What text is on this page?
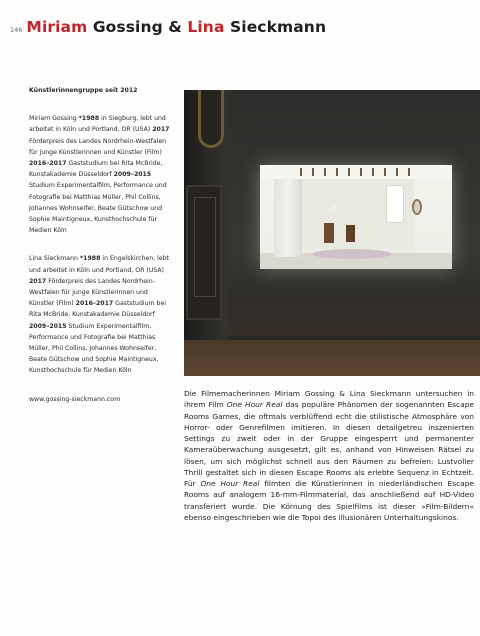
146 Miriam Gossing & Lina Sieckmann

Künstlerinnengruppe seit 2012

Miriam Gossing *1988 in Siegburg, lebt und arbeitet in Köln und Portland, OR (USA) 2017 Förderpreis des Landes Nordrhein-Westfalen für junge Künstlerinnen und Künstler (Film) 2016–2017 Gaststudium bei Rita McBride, Kunstakademie Düsseldorf 2009–2015 Studium Experimentalfilm, Performance und Fotografie bei Matthias Müller, Phil Collins, Johannes Wohnseifer, Beate Gütschow und Sophie Maintigneux, Kunsthochschule für Medien Köln

Lina Sieckmann *1988 in Engelskirchen, lebt und arbeitet in Köln und Portland, OR (USA) 2017 Förderpreis des Landes Nordrhein-Westfalen für junge Künstlerinnen und Künstler (Film) 2016–2017 Gaststudium bei Rita McBride, Kunstakademie Düsseldorf 2009–2015 Studium Experimentalfilm, Performance und Fotografie bei Matthias Müller, Phil Collins, Johannes Wohnseifer, Beate Gütschow und Sophie Maintigneux, Kunsthochschule für Medien Köln

www.gossing-sieckmann.com

Die Filmemacherinnen Miriam Gossing & Lina Sieckmann untersuchen in ihrem Film One Hour Real das populäre Phänomen der sogenannten Escape Rooms Games, die oftmals verblüffend echt die stilistische Atmosphäre von Horror- oder Genrefilmen imitieren. In diesen detailgetreu inszenierten Settings zu zweit oder in der Gruppe eingesperrt und permanenter Kameraüberwachung ausgesetzt, gilt es, anhand von Hinweisen Rätsel zu lösen, um sich möglichst schnell aus den Räumen zu befreien: Lustvoller Thrill gestaltet sich in diesen Escape Rooms als erlebte Sequenz in Echtzeit. Für One Hour Real filmten die Künstlerinnen in niederländischen Escape Rooms auf analogem 16-mm-Filmmaterial, das anschließend auf HD-Video transferiert wurde. Die Körnung des Spielfilms ist dieser »Film-Bildern« ebenso eingeschrieben wie die Topoi des illusionären Unterhaltungskinos.
